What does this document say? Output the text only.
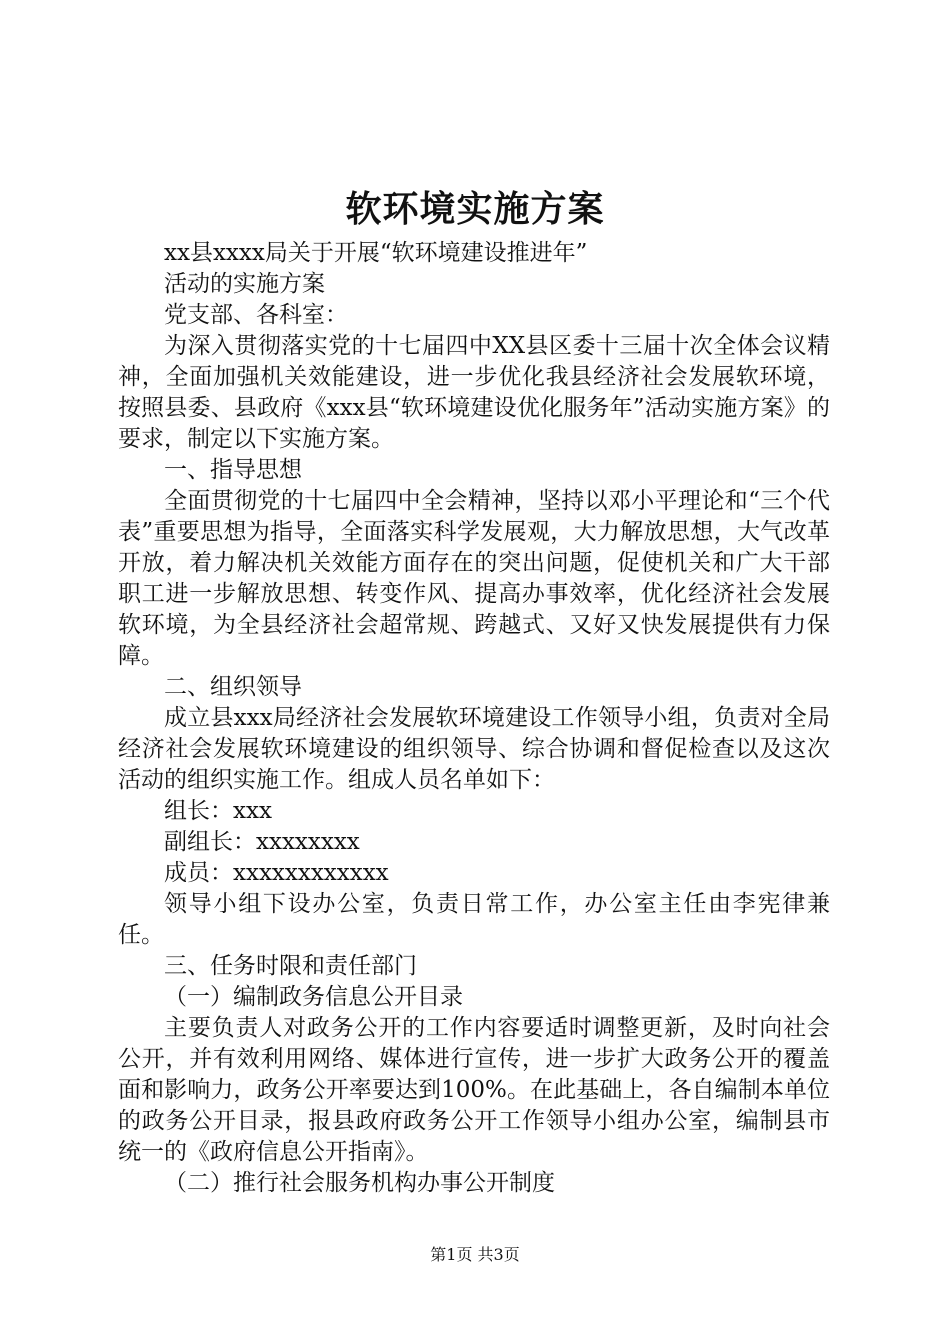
软环境实施方案

xx县xxxx局关于开展“软环境建设推进年”

活动的实施方案

党支部、各科室：

为深入贯彻落实党的十七届四中XX县区委十三届十次全体会议精神，全面加强机关效能建设，进一步优化我县经济社会发展软环境，按照县委、县政府《xxx县“软环境建设优化服务年”活动实施方案》的要求，制定以下实施方案。

一、指导思想

全面贯彻党的十七届四中全会精神，坚持以邓小平理论和“三个代表”重要思想为指导，全面落实科学发展观，大力解放思想，大气改革开放，着力解决机关效能方面存在的突出问题，促使机关和广大干部职工进一步解放思想、转变作风、提高办事效率，优化经济社会发展软环境，为全县经济社会超常规、跨越式、又好又快发展提供有力保障。

二、组织领导

成立县xxx局经济社会发展软环境建设工作领导小组，负责对全局经济社会发展软环境建设的组织领导、综合协调和督促检查以及这次活动的组织实施工作。组成人员名单如下：

组长：xxx

副组长：xxxxxxxx

成员：xxxxxxxxxxxx

领导小组下设办公室，负责日常工作，办公室主任由李宪律兼任。

三、任务时限和责任部门

（一）编制政务信息公开目录

主要负责人对政务公开的工作内容要适时调整更新，及时向社会公开，并有效利用网络、媒体进行宣传，进一步扩大政务公开的覆盖面和影响力，政务公开率要达到100%。在此基础上，各自编制本单位的政务公开目录，报县政府政务公开工作领导小组办公室，编制县市统一的《政府信息公开指南》。

（二）推行社会服务机构办事公开制度

第1页 共3页
